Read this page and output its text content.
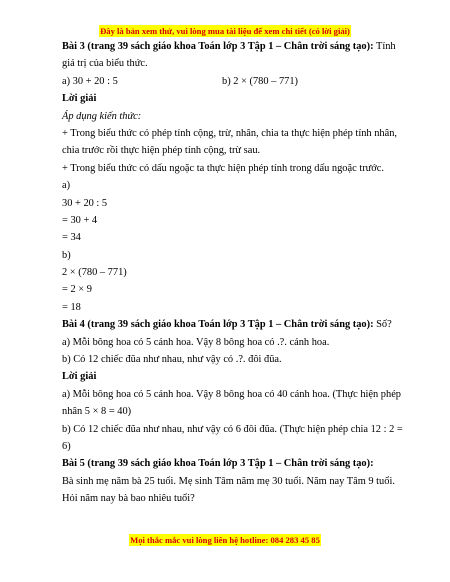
Đây là bản xem thử, vui lòng mua tài liệu để xem chi tiết (có lời giải)
Bài 3 (trang 39 sách giáo khoa Toán lớp 3 Tập 1 – Chân trời sáng tạo): Tính
giá trị của biểu thức.
a) 30 + 20 : 5	b) 2 × (780 – 771)
Lời giải
Áp dụng kiến thức:
+ Trong biểu thức có phép tính cộng, trừ, nhân, chia ta thực hiện phép tính nhân,
chia trước rồi thực hiện phép tính cộng, trừ sau.
+ Trong biểu thức có dấu ngoặc ta thực hiện phép tính trong dấu ngoặc trước.
a)
30 + 20 : 5
= 30 + 4
= 34
b)
2 × (780 – 771)
= 2 × 9
= 18
Bài 4 (trang 39 sách giáo khoa Toán lớp 3 Tập 1 – Chân trời sáng tạo): Số?
a) Mỗi bông hoa có 5 cánh hoa. Vậy 8 bông hoa có .?. cánh hoa.
b) Có 12 chiếc đũa như nhau, như vậy có .?. đôi đũa.
Lời giải
a) Mỗi bông hoa có 5 cánh hoa. Vậy 8 bông hoa có 40 cánh hoa. (Thực hiện phép
nhân 5 × 8 = 40)
b) Có 12 chiếc đũa như nhau, như vậy có 6 đôi đũa. (Thực hiện phép chia 12 : 2 =
6)
Bài 5 (trang 39 sách giáo khoa Toán lớp 3 Tập 1 – Chân trời sáng tạo):
Bà sinh mẹ năm bà 25 tuổi. Mẹ sinh Tâm năm mẹ 30 tuổi. Năm nay Tâm 9 tuổi.
Hỏi năm nay bà bao nhiêu tuổi?
Mọi thắc mắc vui lòng liên hệ hotline: 084 283 45 85
